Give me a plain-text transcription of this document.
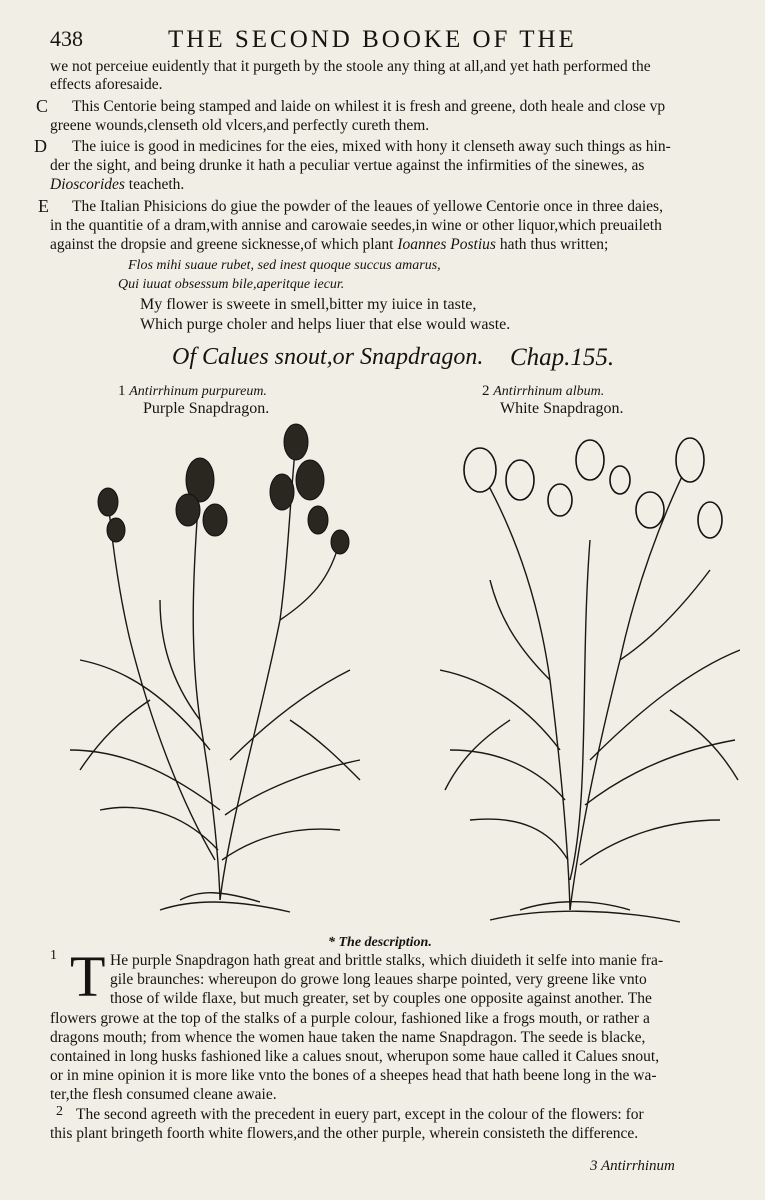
438	THE SECOND BOOKE OF THE
we not perceiue euidently that it purgeth by the stoole any thing at all,and yet hath performed the
effects aforesaide.
C This Centorie being stamped and laide on whilest it is fresh and greene, doth heale and close vp
greene wounds,clenseth old vlcers,and perfectly cureth them.
D The iuice is good in medicines for the eies, mixed with hony it clenseth away such things as hin-
der the sight, and being drunke it hath a peculiar vertue against the infirmities of the sinewes, as
Dioscorides teacheth.
E The Italian Phisicions do giue the powder of the leaues of yellowe Centorie once in three daies,
in the quantitie of a dram,with annise and carowaie seedes,in wine or other liquor,which preuaileth
against the dropsie and greene sicknesse,of which plant Ioannes Postius hath thus written;
Flos mihi suaue rubet, sed inest quoque succus amarus,
Qui iuuat obsessum bile,aperitque iecur.
My flower is sweete in smell,bitter my iuice in taste,
Which purge choler and helps liuer that else would waste.
Of Calues snout,or Snapdragon. Chap.155.
1 Antirrhinum purpureum.
Purple Snapdragon.
2 Antirrhinum album.
White Snapdragon.
* The description.
1 T He purple Snapdragon hath great and brittle stalks, which diuideth it selfe into manie fra-
gile braunches: whereupon do growe long leaues sharpe pointed, very greene like vnto
those of wilde flaxe, but much greater, set by couples one opposite against another. The
flowers growe at the top of the stalks of a purple colour, fashioned like a frogs mouth, or rather a
dragons mouth; from whence the women haue taken the name Snapdragon. The seede is blacke,
contained in long husks fashioned like a calues snout, wherupon some haue called it Calues snout,
or in mine opinion it is more like vnto the bones of a sheepes head that hath beene long in the wa-
ter,the flesh consumed cleane awaie.
2 The second agreeth with the precedent in euery part, except in the colour of the flowers: for
this plant bringeth foorth white flowers,and the other purple, wherein consisteth the difference.
3 Antirrhinum
